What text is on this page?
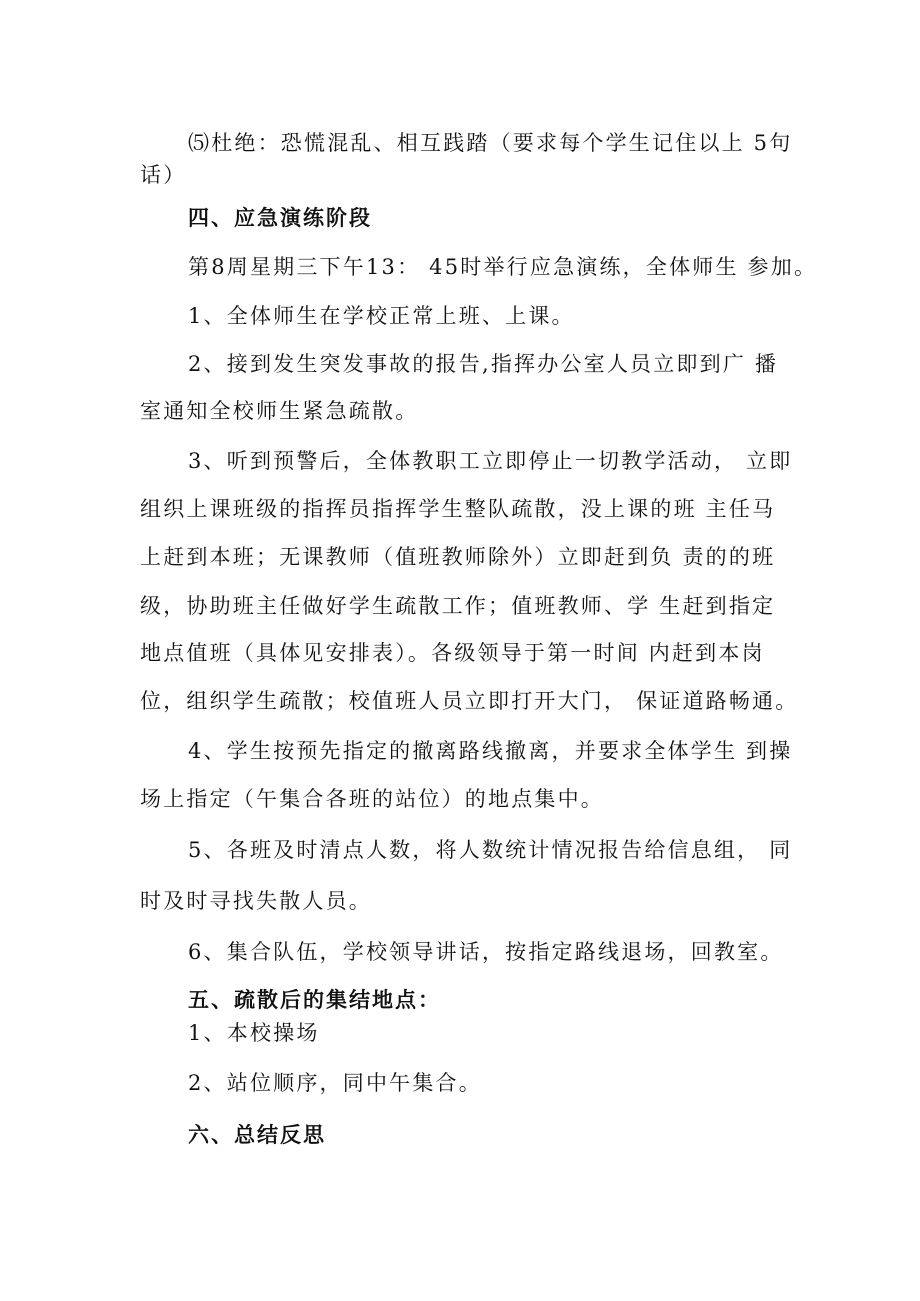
⑸杜绝：恐慌混乱、相互践踏（要求每个学生记住以上 5句
话）
四、应急演练阶段
第8周星期三下午13： 45时举行应急演练，全体师生 参加。
1、全体师生在学校正常上班、上课。
2、接到发生突发事故的报告,指挥办公室人员立即到广 播
室通知全校师生紧急疏散。
3、听到预警后，全体教职工立即停止一切教学活动， 立即
组织上课班级的指挥员指挥学生整队疏散，没上课的班 主任马
上赶到本班；无课教师（值班教师除外）立即赶到负 责的的班
级，协助班主任做好学生疏散工作；值班教师、学 生赶到指定
地点值班（具体见安排表）。各级领导于第一时间 内赶到本岗
位，组织学生疏散；校值班人员立即打开大门， 保证道路畅通。
4、学生按预先指定的撤离路线撤离，并要求全体学生 到操
场上指定（午集合各班的站位）的地点集中。
5、各班及时清点人数，将人数统计情况报告给信息组， 同
时及时寻找失散人员。
6、集合队伍，学校领导讲话，按指定路线退场，回教室。
五、疏散后的集结地点：
1、本校操场
2、站位顺序，同中午集合。
六、总结反思
